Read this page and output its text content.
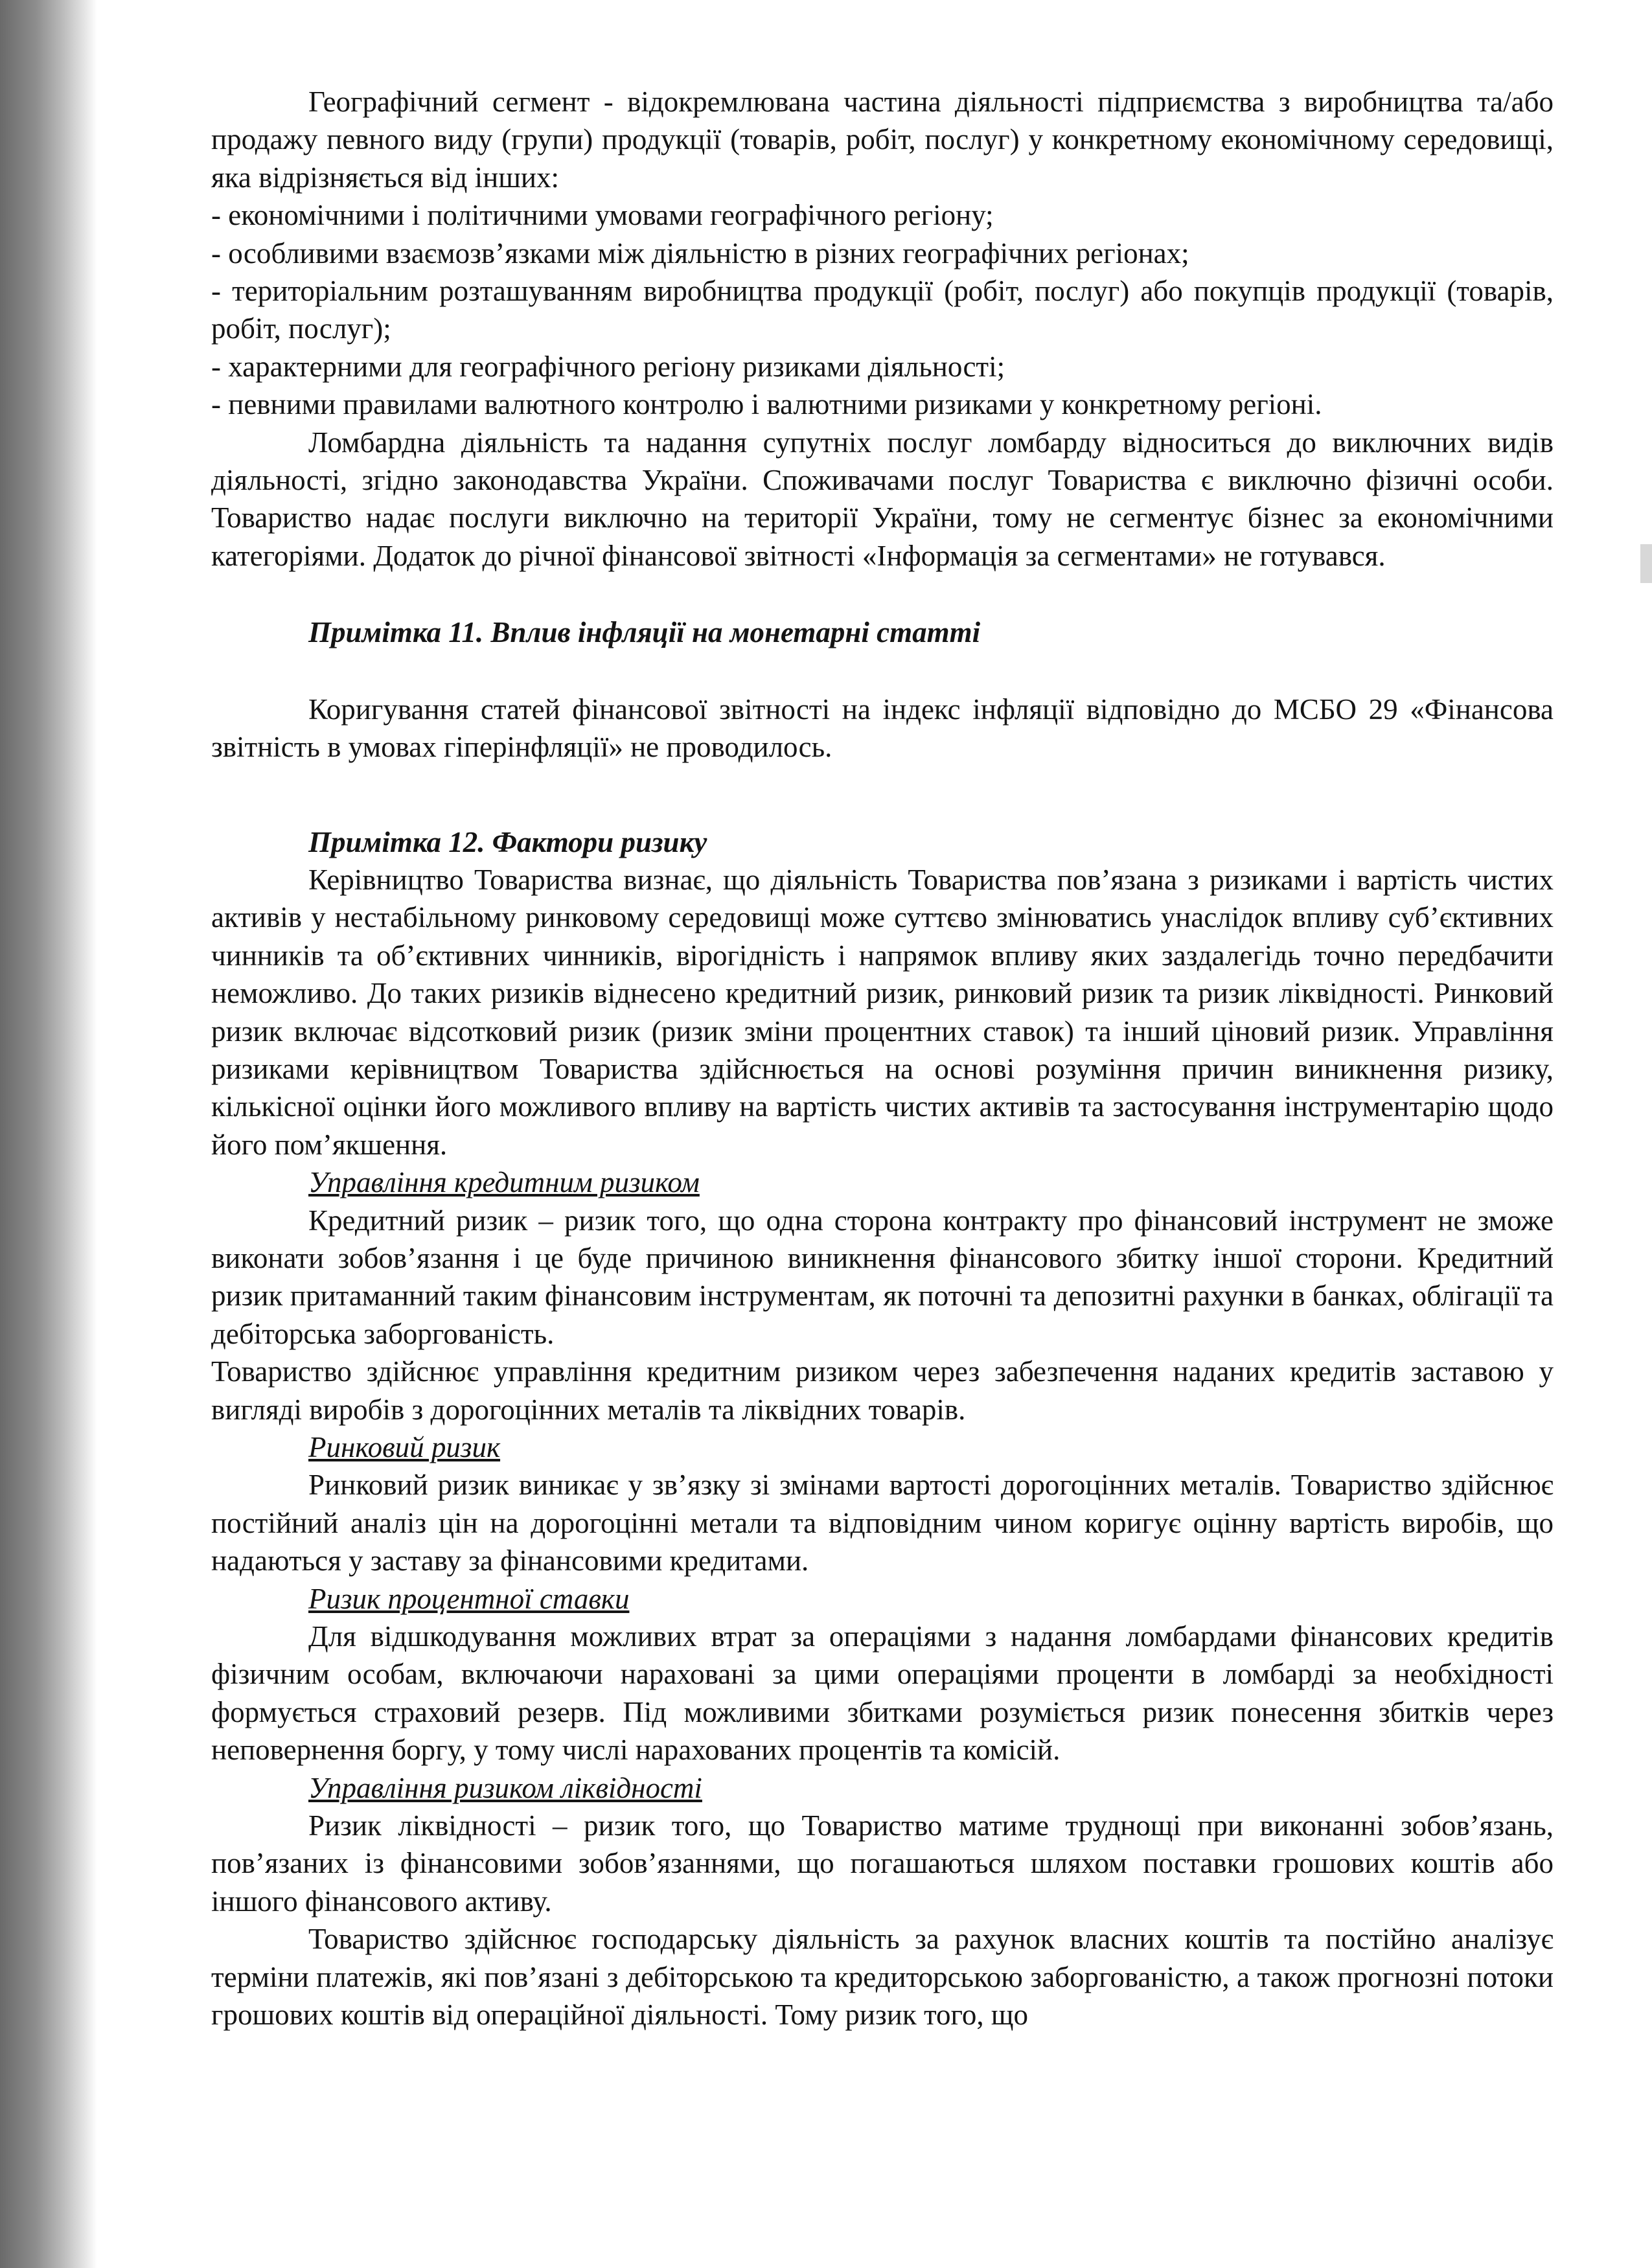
Географічний сегмент - відокремлювана частина діяльності підприємства з виробництва та/або продажу певного виду (групи) продукції (товарів, робіт, послуг) у конкретному економічному середовищі, яка відрізняється від інших:

- економічними і політичними умовами географічного регіону;

- особливими взаємозв’язками між діяльністю в різних географічних регіонах;

- територіальним розташуванням виробництва продукції (робіт, послуг) або покупців продукції (товарів, робіт, послуг);

- характерними для географічного регіону ризиками діяльності;

- певними правилами валютного контролю і валютними ризиками у конкретному регіоні.

Ломбардна діяльність та надання супутніх послуг ломбарду відноситься до виключних видів діяльності, згідно законодавства України. Споживачами послуг Товариства є виключно фізичні особи. Товариство надає послуги виключно на території України, тому не сегментує бізнес за економічними категоріями. Додаток до річної фінансової звітності «Інформація за сегментами» не готувався.

Примітка 11. Вплив інфляції на монетарні статті

Коригування статей фінансової звітності на індекс інфляції відповідно до МСБО 29 «Фінансова звітність в умовах гіперінфляції» не проводилось.

Примітка 12. Фактори ризику

Керівництво Товариства визнає, що діяльність Товариства пов’язана з ризиками і вартість чистих активів у нестабільному ринковому середовищі може суттєво змінюватись унаслідок впливу суб’єктивних чинників та об’єктивних чинників, вірогідність і напрямок впливу яких заздалегідь точно передбачити неможливо. До таких ризиків віднесено кредитний ризик, ринковий ризик та ризик ліквідності. Ринковий ризик включає відсотковий ризик (ризик зміни процентних ставок) та інший ціновий ризик. Управління ризиками керівництвом Товариства здійснюється на основі розуміння причин виникнення ризику, кількісної оцінки його можливого впливу на вартість чистих активів та застосування інструментарію щодо його пом’якшення.

Управління кредитним ризиком

Кредитний ризик – ризик того, що одна сторона контракту про фінансовий інструмент не зможе виконати зобов’язання і це буде причиною виникнення фінансового збитку іншої сторони. Кредитний ризик притаманний таким фінансовим інструментам, як поточні та депозитні рахунки в банках, облігації та дебіторська заборгованість.

Товариство здійснює управління кредитним ризиком через забезпечення наданих кредитів заставою у вигляді виробів з дорогоцінних металів та ліквідних товарів.

Ринковий ризик

Ринковий ризик виникає у зв’язку зі змінами вартості дорогоцінних металів. Товариство здійснює постійний аналіз цін на дорогоцінні метали та відповідним чином коригує оцінну вартість виробів, що надаються у заставу за фінансовими кредитами.

Ризик процентної ставки

Для відшкодування можливих втрат за операціями з надання ломбардами фінансових кредитів фізичним особам, включаючи нараховані за цими операціями проценти в ломбарді за необхідності формується страховий резерв. Під можливими збитками розуміється ризик понесення збитків через неповернення боргу, у тому числі нарахованих процентів та комісій.

Управління ризиком ліквідності

Ризик ліквідності – ризик того, що Товариство матиме труднощі при виконанні зобов’язань, пов’язаних із фінансовими зобов’язаннями, що погашаються шляхом поставки грошових коштів або іншого фінансового активу.

Товариство здійснює господарську діяльність за рахунок власних коштів та постійно аналізує терміни платежів, які пов’язані з дебіторською та кредиторською заборгованістю, а також прогнозні потоки грошових коштів від операційної діяльності. Тому ризик того, що
